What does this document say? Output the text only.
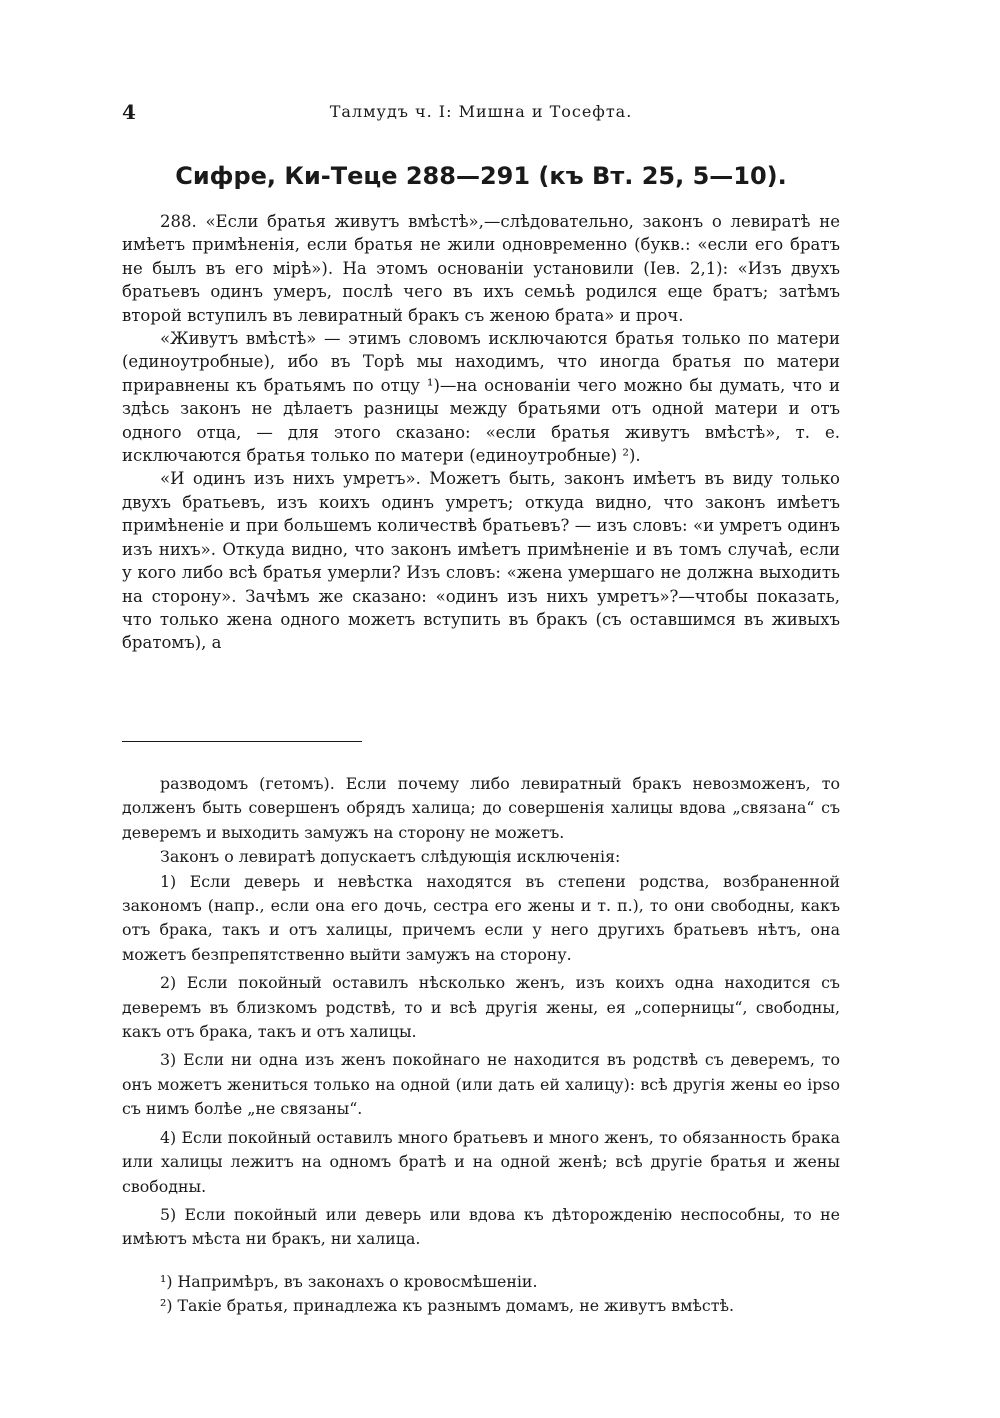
4	Талмудъ ч. I: Мишна и Тосефта.
Сифре, Ки-Теце 288—291 (къ Вт. 25, 5—10).

288. «Если братья живутъ вмѣстѣ»,—слѣдовательно, законъ о левиратѣ не имѣетъ примѣненія, если братья не жили одновременно (букв.: «если его братъ не былъ въ его мірѣ»). На этомъ основаніи установили (Іев. 2,1): «Изъ двухъ братьевъ одинъ умеръ, послѣ чего въ ихъ семьѣ родился еще братъ; затѣмъ второй вступилъ въ левиратный бракъ съ женою брата» и проч.

«Живутъ вмѣстѣ» — этимъ словомъ исключаются братья только по матери (единоутробные), ибо въ Торѣ мы находимъ, что иногда братья по матери приравнены къ братьямъ по отцу ¹)—на основаніи чего можно бы думать, что и здѣсь законъ не дѣлаетъ разницы между братьями отъ одной матери и отъ одного отца, — для этого сказано: «если братья живутъ вмѣстѣ», т. е. исключаются братья только по матери (единоутробные) ²).

«И одинъ изъ нихъ умретъ». Можетъ быть, законъ имѣетъ въ виду только двухъ братьевъ, изъ коихъ одинъ умретъ; откуда видно, что законъ имѣетъ примѣненіе и при большемъ количествѣ братьевъ? — изъ словъ: «и умретъ одинъ изъ нихъ». Откуда видно, что законъ имѣетъ примѣненіе и въ томъ случаѣ, если у кого либо всѣ братья умерли? Изъ словъ: «жена умершаго не должна выходить на сторону». Зачѣмъ же сказано: «одинъ изъ нихъ умретъ»?—чтобы показать, что только жена одного можетъ вступить въ бракъ (съ оставшимся въ живыхъ братомъ), а

разводомъ (гетомъ). Если почему либо левиратный бракъ невозможенъ, то долженъ быть совершенъ обрядъ халица; до совершенія халицы вдова „связана“ съ деверемъ и выходить замужъ на сторону не можетъ.

Законъ о левиратѣ допускаетъ слѣдующія исключенія:

1) Если деверь и невѣстка находятся въ степени родства, возбраненной закономъ (напр., если она его дочь, сестра его жены и т. п.), то они свободны, какъ отъ брака, такъ и отъ халицы, причемъ если у него другихъ братьевъ нѣтъ, она можетъ безпрепятственно выйти замужъ на сторону.

2) Если покойный оставилъ нѣсколько женъ, изъ коихъ одна находится съ деверемъ въ близкомъ родствѣ, то и всѣ другія жены, ея „соперницы“, свободны, какъ отъ брака, такъ и отъ халицы.

3) Если ни одна изъ женъ покойнаго не находится въ родствѣ съ деверемъ, то онъ можетъ жениться только на одной (или дать ей халицу): всѣ другія жены eo ipso съ нимъ болѣе „не связаны“.

4) Если покойный оставилъ много братьевъ и много женъ, то обязанность брака или халицы лежитъ на одномъ братѣ и на одной женѣ; всѣ другіе братья и жены свободны.

5) Если покойный или деверь или вдова къ дѣторожденію неспособны, то не имѣютъ мѣста ни бракъ, ни халица.

¹) Напримѣръ, въ законахъ о кровосмѣшеніи.

²) Такіе братья, принадлежа къ разнымъ домамъ, не живутъ вмѣстѣ.
